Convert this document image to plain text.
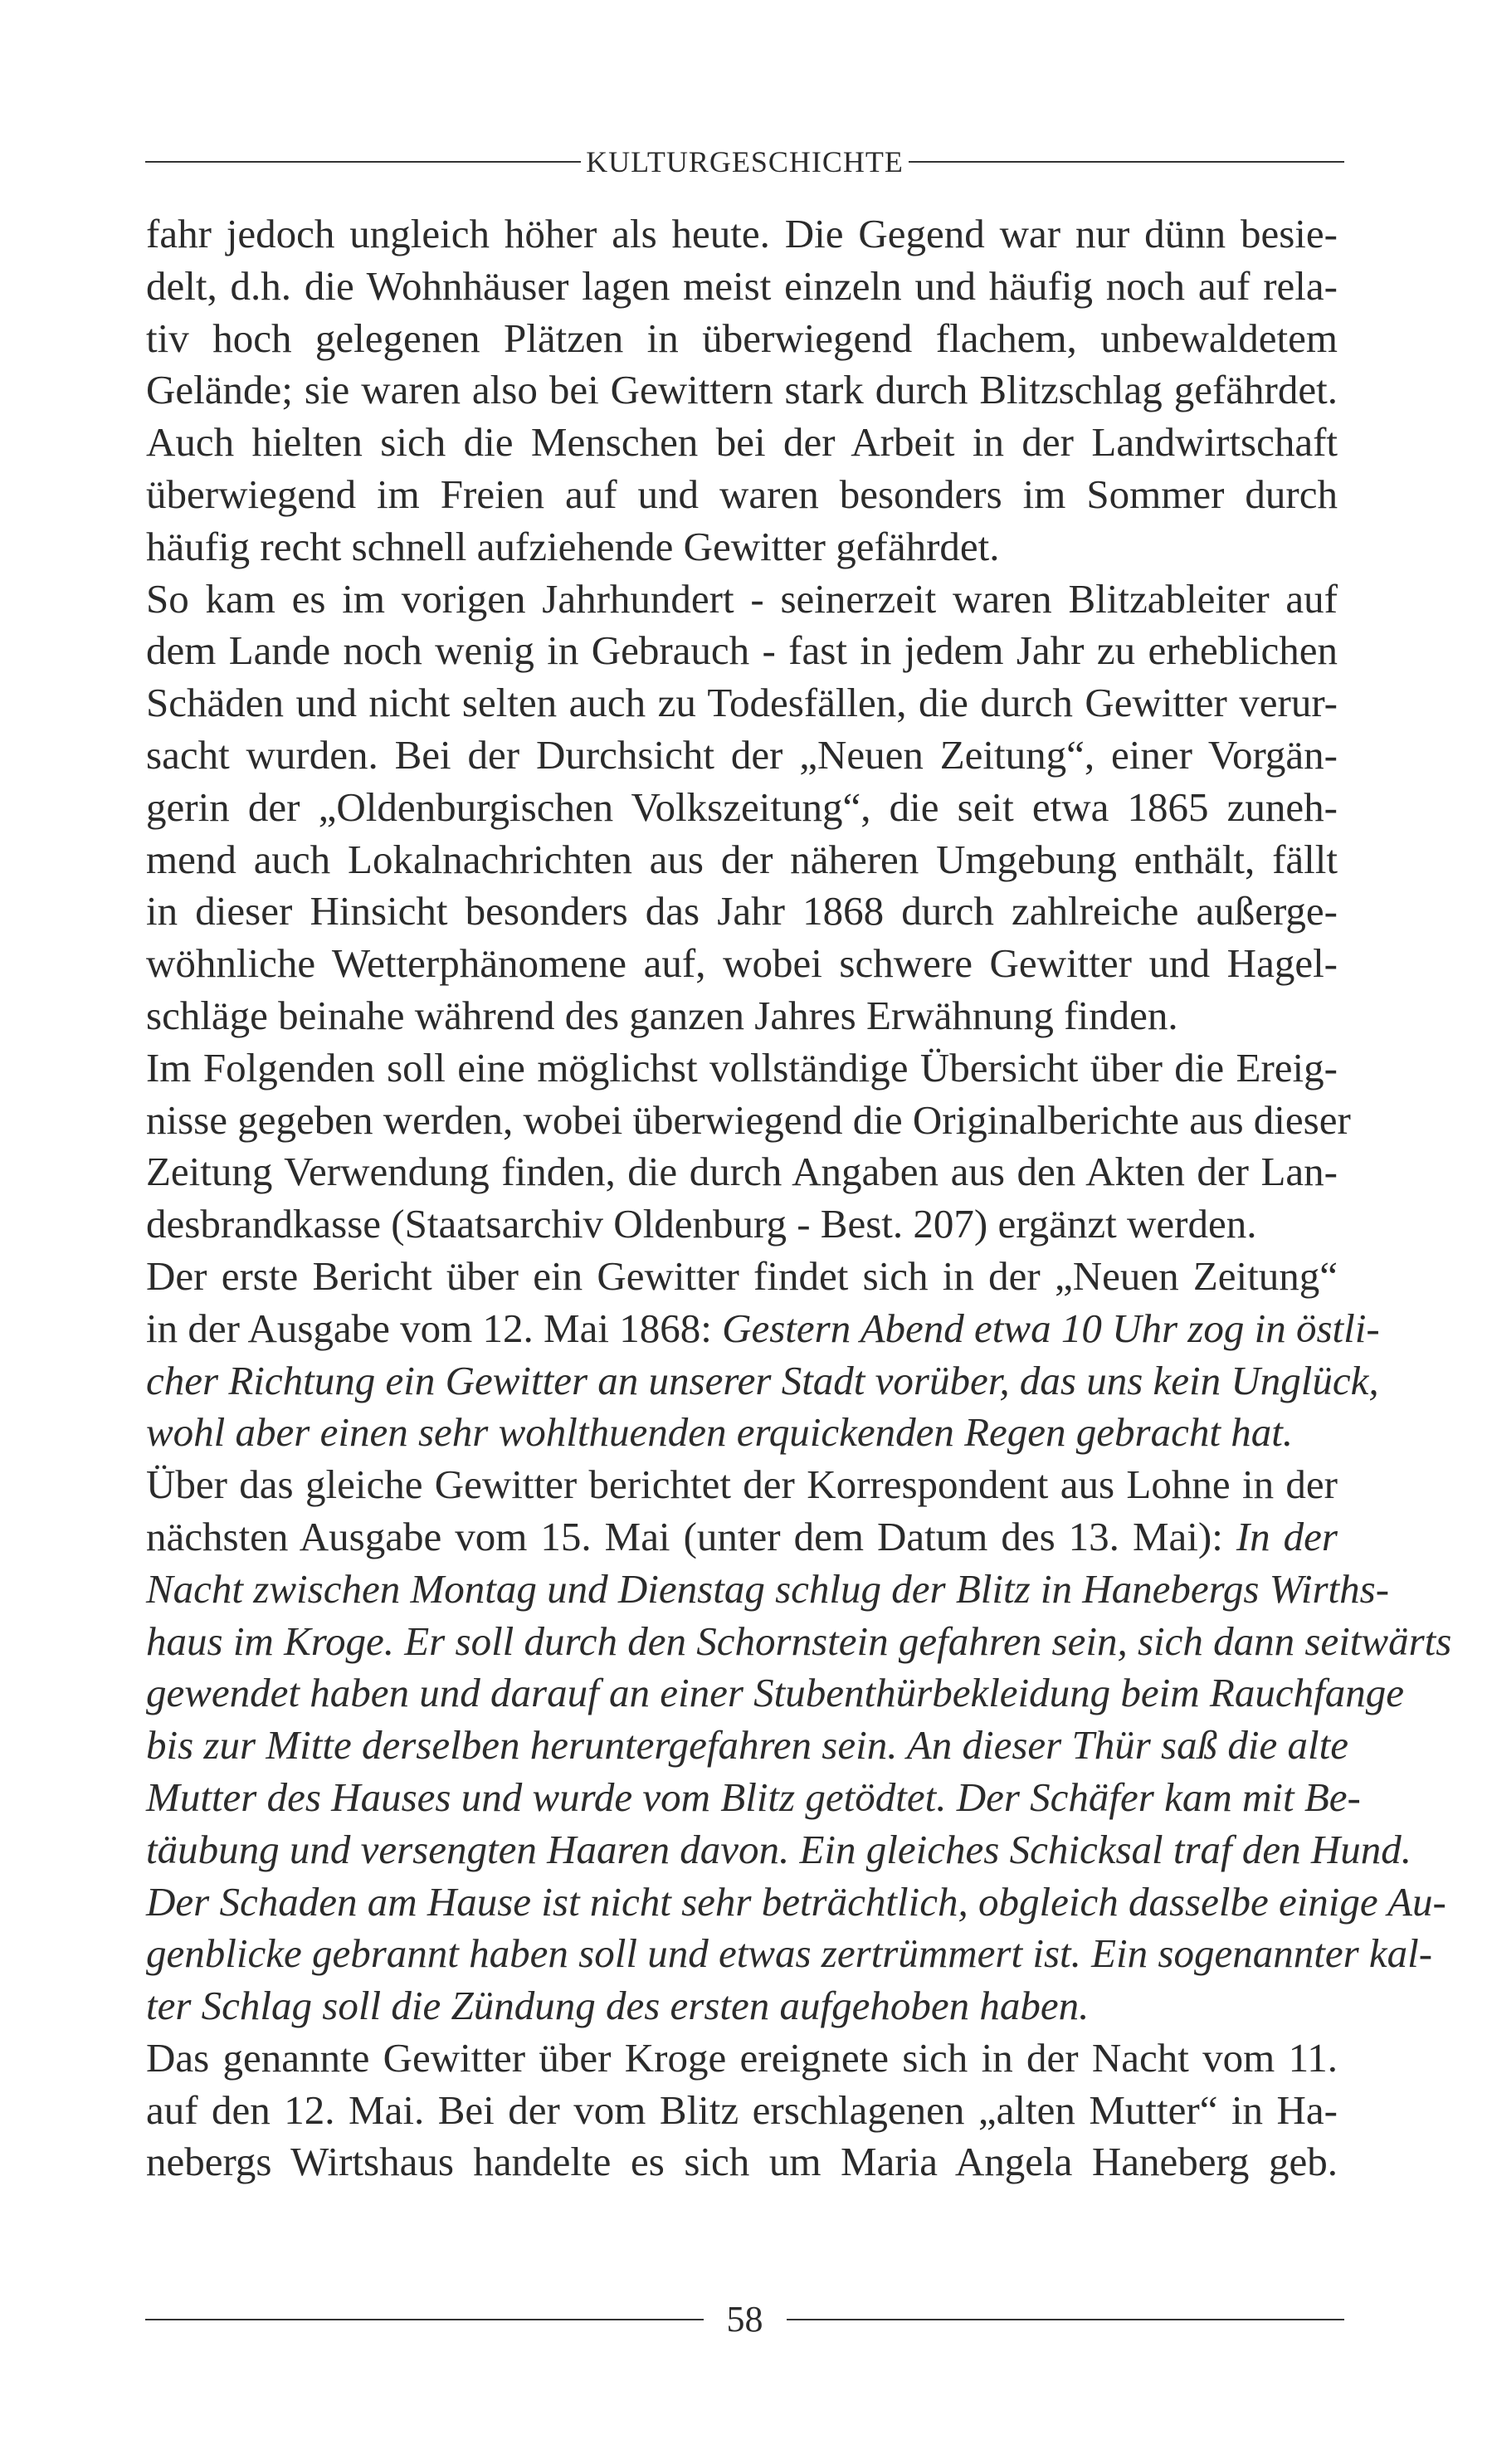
KULTURGESCHICHTE
fahr jedoch ungleich höher als heute. Die Gegend war nur dünn besie-
delt, d.h. die Wohnhäuser lagen meist einzeln und häufig noch auf rela-
tiv hoch gelegenen Plätzen in überwiegend flachem, unbewaldetem
Gelände; sie waren also bei Gewittern stark durch Blitzschlag gefährdet.
Auch hielten sich die Menschen bei der Arbeit in der Landwirtschaft
überwiegend im Freien auf und waren besonders im Sommer durch
häufig recht schnell aufziehende Gewitter gefährdet.
So kam es im vorigen Jahrhundert - seinerzeit waren Blitzableiter auf
dem Lande noch wenig in Gebrauch - fast in jedem Jahr zu erheblichen
Schäden und nicht selten auch zu Todesfällen, die durch Gewitter verur-
sacht wurden. Bei der Durchsicht der „Neuen Zeitung“, einer Vorgän-
gerin der „Oldenburgischen Volkszeitung“, die seit etwa 1865 zuneh-
mend auch Lokalnachrichten aus der näheren Umgebung enthält, fällt
in dieser Hinsicht besonders das Jahr 1868 durch zahlreiche außerge-
wöhnliche Wetterphänomene auf, wobei schwere Gewitter und Hagel-
schläge beinahe während des ganzen Jahres Erwähnung finden.
Im Folgenden soll eine möglichst vollständige Übersicht über die Ereig-
nisse gegeben werden, wobei überwiegend die Originalberichte aus dieser
Zeitung Verwendung finden, die durch Angaben aus den Akten der Lan-
desbrandkasse (Staatsarchiv Oldenburg - Best. 207) ergänzt werden.
Der erste Bericht über ein Gewitter findet sich in der „Neuen Zeitung“
in der Ausgabe vom 12. Mai 1868: Gestern Abend etwa 10 Uhr zog in östli-
cher Richtung ein Gewitter an unserer Stadt vorüber, das uns kein Unglück,
wohl aber einen sehr wohlthuenden erquickenden Regen gebracht hat.
Über das gleiche Gewitter berichtet der Korrespondent aus Lohne in der
nächsten Ausgabe vom 15. Mai (unter dem Datum des 13. Mai): In der
Nacht zwischen Montag und Dienstag schlug der Blitz in Hanebergs Wirths-
haus im Kroge. Er soll durch den Schornstein gefahren sein, sich dann seitwärts
gewendet haben und darauf an einer Stubenthürbekleidung beim Rauchfange
bis zur Mitte derselben heruntergefahren sein. An dieser Thür saß die alte
Mutter des Hauses und wurde vom Blitz getödtet. Der Schäfer kam mit Be-
täubung und versengten Haaren davon. Ein gleiches Schicksal traf den Hund.
Der Schaden am Hause ist nicht sehr beträchtlich, obgleich dasselbe einige Au-
genblicke gebrannt haben soll und etwas zertrümmert ist. Ein sogenannter kal-
ter Schlag soll die Zündung des ersten aufgehoben haben.
Das genannte Gewitter über Kroge ereignete sich in der Nacht vom 11.
auf den 12. Mai. Bei der vom Blitz erschlagenen „alten Mutter“ in Ha-
nebergs Wirtshaus handelte es sich um Maria Angela Haneberg geb.
58
